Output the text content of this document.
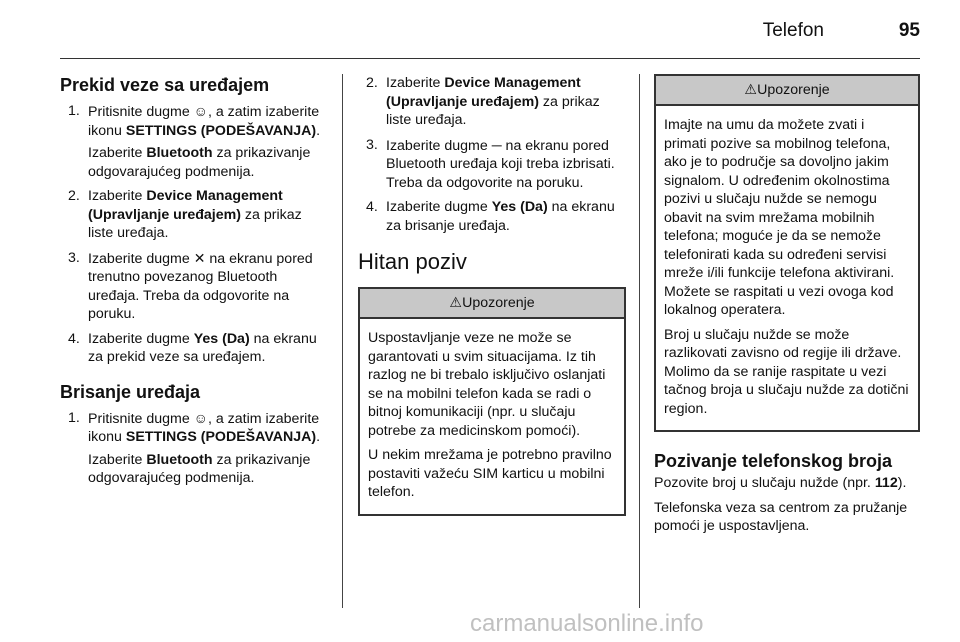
Telefon	95
Prekid veze sa uređajem
1. Pritisnite dugme ☺, a zatim izaberite ikonu SETTINGS (PODEŠAVANJA).

Izaberite Bluetooth za prikazivanje odgovarajućeg podmenija.

2. Izaberite Device Management (Upravljanje uređajem) za prikaz liste uređaja.
3. Izaberite dugme ✕ na ekranu pored trenutno povezanog Bluetooth uređaja. Treba da odgovorite na poruku.
4. Izaberite dugme Yes (Da) na ekranu za prekid veze sa uređajem.
Brisanje uređaja
1. Pritisnite dugme ☺, a zatim izaberite ikonu SETTINGS (PODEŠAVANJA).

Izaberite Bluetooth za prikazivanje odgovarajućeg podmenija.

2. Izaberite Device Management (Upravljanje uređajem) za prikaz liste uređaja.
3. Izaberite dugme ─ na ekranu pored Bluetooth uređaja koji treba izbrisati. Treba da odgovorite na poruku.
4. Izaberite dugme Yes (Da) na ekranu za brisanje uređaja.
Hitan poziv
⚠Upozorenje

Uspostavljanje veze ne može se garantovati u svim situacijama. Iz tih razlog ne bi trebalo isključivo oslanjati se na mobilni telefon kada se radi o bitnoj komunikaciji (npr. u slučaju potrebe za medicinskom pomoći).

U nekim mrežama je potrebno pravilno postaviti važeću SIM karticu u mobilni telefon.

⚠Upozorenje

Imajte na umu da možete zvati i primati pozive sa mobilnog telefona, ako je to područje sa dovoljno jakim signalom. U određenim okolnostima pozivi u slučaju nužde se nemogu obavit na svim mrežama mobilnih telefona; moguće je da se nemože telefonirati kada su određeni servisi mreže i/ili funkcije telefona aktivirani. Možete se raspitati u vezi ovoga kod lokalnog operatera.

Broj u slučaju nužde se može razlikovati zavisno od regije ili države. Molimo da se ranije raspitate u vezi tačnog broja u slučaju nužde za dotični region.

Pozivanje telefonskog broja

Pozovite broj u slučaju nužde (npr. 112).

Telefonska veza sa centrom za pružanje pomoći je uspostavljena.

carmanualsonline.info
